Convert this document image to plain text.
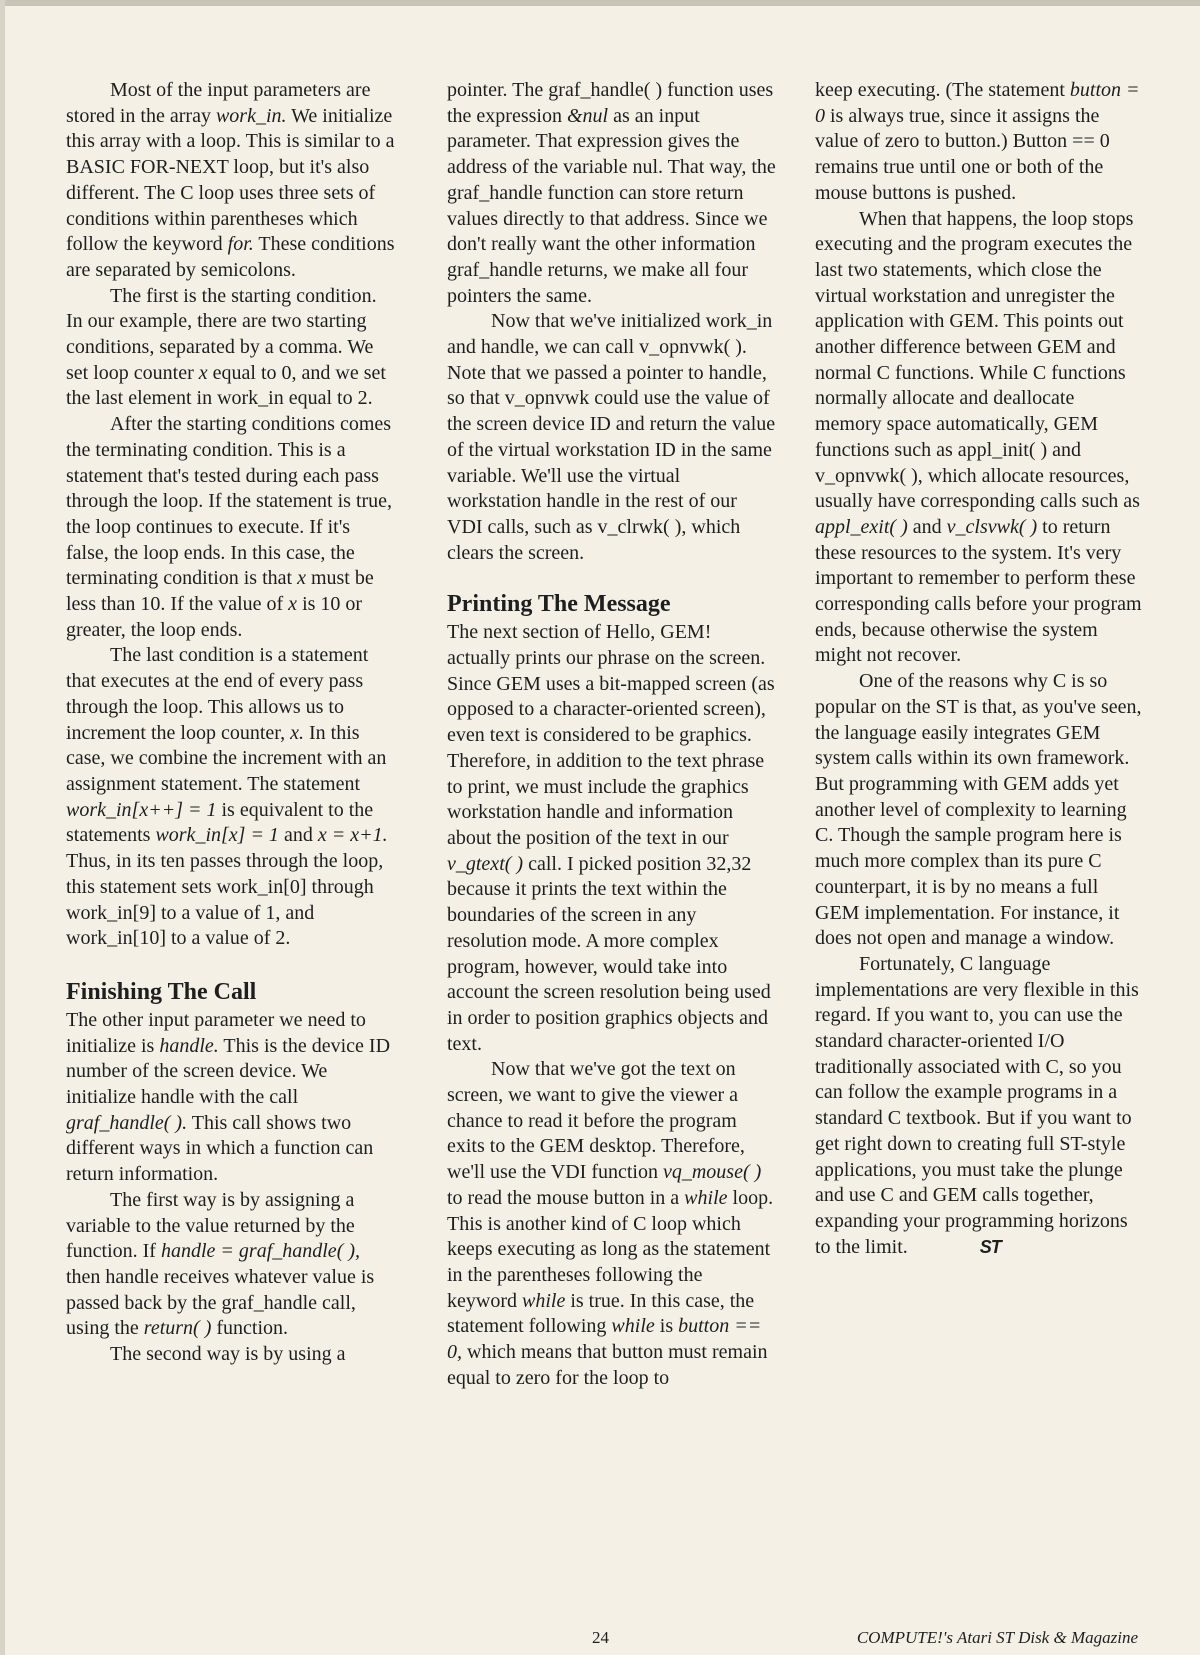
Most of the input parameters are stored in the array work_in. We initialize this array with a loop. This is similar to a BASIC FOR-NEXT loop, but it's also different. The C loop uses three sets of conditions within parentheses which follow the keyword for. These conditions are separated by semicolons.

The first is the starting condition. In our example, there are two starting conditions, separated by a comma. We set loop counter x equal to 0, and we set the last element in work_in equal to 2.

After the starting conditions comes the terminating condition. This is a statement that's tested during each pass through the loop. If the statement is true, the loop continues to execute. If it's false, the loop ends. In this case, the terminating condition is that x must be less than 10. If the value of x is 10 or greater, the loop ends.

The last condition is a statement that executes at the end of every pass through the loop. This allows us to increment the loop counter, x. In this case, we combine the increment with an assignment statement. The statement work_in[x++] = 1 is equivalent to the statements work_in[x] = 1 and x = x+1. Thus, in its ten passes through the loop, this statement sets work_in[0] through work_in[9] to a value of 1, and work_in[10] to a value of 2.

Finishing The Call

The other input parameter we need to initialize is handle. This is the device ID number of the screen device. We initialize handle with the call graf_handle( ). This call shows two different ways in which a function can return information.

The first way is by assigning a variable to the value returned by the function. If handle = graf_handle( ), then handle receives whatever value is passed back by the graf_handle call, using the return( ) function.

The second way is by using a

pointer. The graf_handle( ) function uses the expression &nul as an input parameter. That expression gives the address of the variable nul. That way, the graf_handle function can store return values directly to that address. Since we don't really want the other information graf_handle returns, we make all four pointers the same.

Now that we've initialized work_in and handle, we can call v_opnvwk( ). Note that we passed a pointer to handle, so that v_opnvwk could use the value of the screen device ID and return the value of the virtual workstation ID in the same variable. We'll use the virtual workstation handle in the rest of our VDI calls, such as v_clrwk( ), which clears the screen.

Printing The Message

The next section of Hello, GEM! actually prints our phrase on the screen. Since GEM uses a bit-mapped screen (as opposed to a character-oriented screen), even text is considered to be graphics. Therefore, in addition to the text phrase to print, we must include the graphics workstation handle and information about the position of the text in our v_gtext( ) call. I picked position 32,32 because it prints the text within the boundaries of the screen in any resolution mode. A more complex program, however, would take into account the screen resolution being used in order to position graphics objects and text.

Now that we've got the text on screen, we want to give the viewer a chance to read it before the program exits to the GEM desktop. Therefore, we'll use the VDI function vq_mouse( ) to read the mouse button in a while loop. This is another kind of C loop which keeps executing as long as the statement in the parentheses following the keyword while is true. In this case, the statement following while is button == 0, which means that button must remain equal to zero for the loop to

keep executing. (The statement button = 0 is always true, since it assigns the value of zero to button.) Button == 0 remains true until one or both of the mouse buttons is pushed.

When that happens, the loop stops executing and the program executes the last two statements, which close the virtual workstation and unregister the application with GEM. This points out another difference between GEM and normal C functions. While C functions normally allocate and deallocate memory space automatically, GEM functions such as appl_init( ) and v_opnvwk( ), which allocate resources, usually have corresponding calls such as appl_exit( ) and v_clsvwk( ) to return these resources to the system. It's very important to remember to perform these corresponding calls before your program ends, because otherwise the system might not recover.

One of the reasons why C is so popular on the ST is that, as you've seen, the language easily integrates GEM system calls within its own framework. But programming with GEM adds yet another level of complexity to learning C. Though the sample program here is much more complex than its pure C counterpart, it is by no means a full GEM implementation. For instance, it does not open and manage a window.

Fortunately, C language implementations are very flexible in this regard. If you want to, you can use the standard character-oriented I/O traditionally associated with C, so you can follow the example programs in a standard C textbook. But if you want to get right down to creating full ST-style applications, you must take the plunge and use C and GEM calls together, expanding your programming horizons to the limit.	ST

24	COMPUTE!'s Atari ST Disk & Magazine
